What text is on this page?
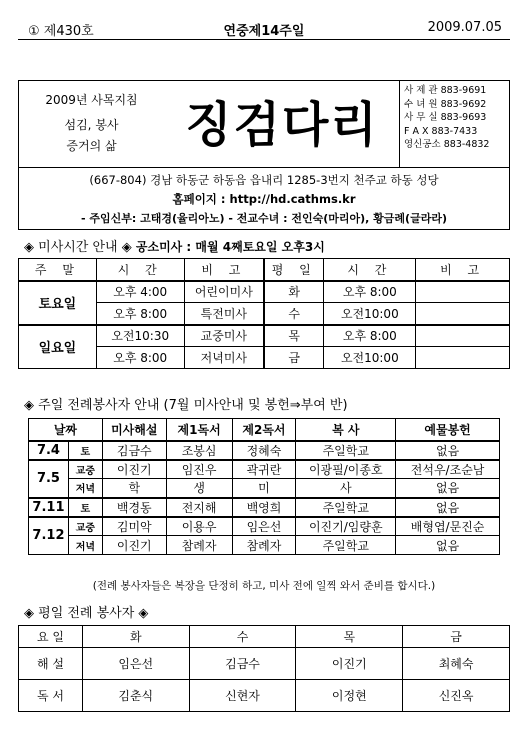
① 제430호	연중제14주일	2009.07.05
2009년 사목지침
섬김, 봉사
증거의 삶	징검다리
사 제 관 883-9691
수 녀 원 883-9692
사 무 실 883-9693
F A X 883-7433
영신공소 883-4832
(667-804) 경남 하동군 하동읍 읍내리 1285-3번지 천주교 하동 성당
홈페이지 : http://hd.cathms.kr
- 주임신부: 고태경(율리아노) - 전교수녀 : 전인숙(마리아), 황금례(글라라)
◈ 미사시간 안내 ◈ 공소미사 : 매월 4째토요일 오후3시
주 말	시 간	비 고	평 일	시 간	비 고
토요일	오후 4:00	어린이미사	화	오후 8:00	
	오후 8:00	특전미사	수	오전10:00	
일요일	오전10:30	교중미사	목	오후 8:00	
	오후 8:00	저녁미사	금	오전10:00	
◈ 주일 전례봉사자 안내 (7월 미사안내 및 봉헌⇒부여 반)
날짜		미사해설	제1독서	제2독서	복 사	예물봉헌
7.4	토	김금수	조봉심	정혜숙	주일학교	없음
7.5	교중	이진기	임진우	곽귀란	이광필/이종호	전석우/조순남
	저녁	학	생	미	사	없음
7.11	토	백경동	전지해	백영희	주일학교	없음
7.12	교중	김미악	이용우	임은선	이진기/임량훈	배형엽/문진순
	저녁	이진기	참례자	참례자	주일학교	없음
(전례 봉사자들은 복장을 단정히 하고, 미사 전에 일찍 와서 준비를 합시다.)
◈ 평일 전례 봉사자 ◈
요 일	화	수	목	금
해 설	임은선	김금수	이진기	최혜숙
독 서	김춘식	신현자	이정현	신진옥
